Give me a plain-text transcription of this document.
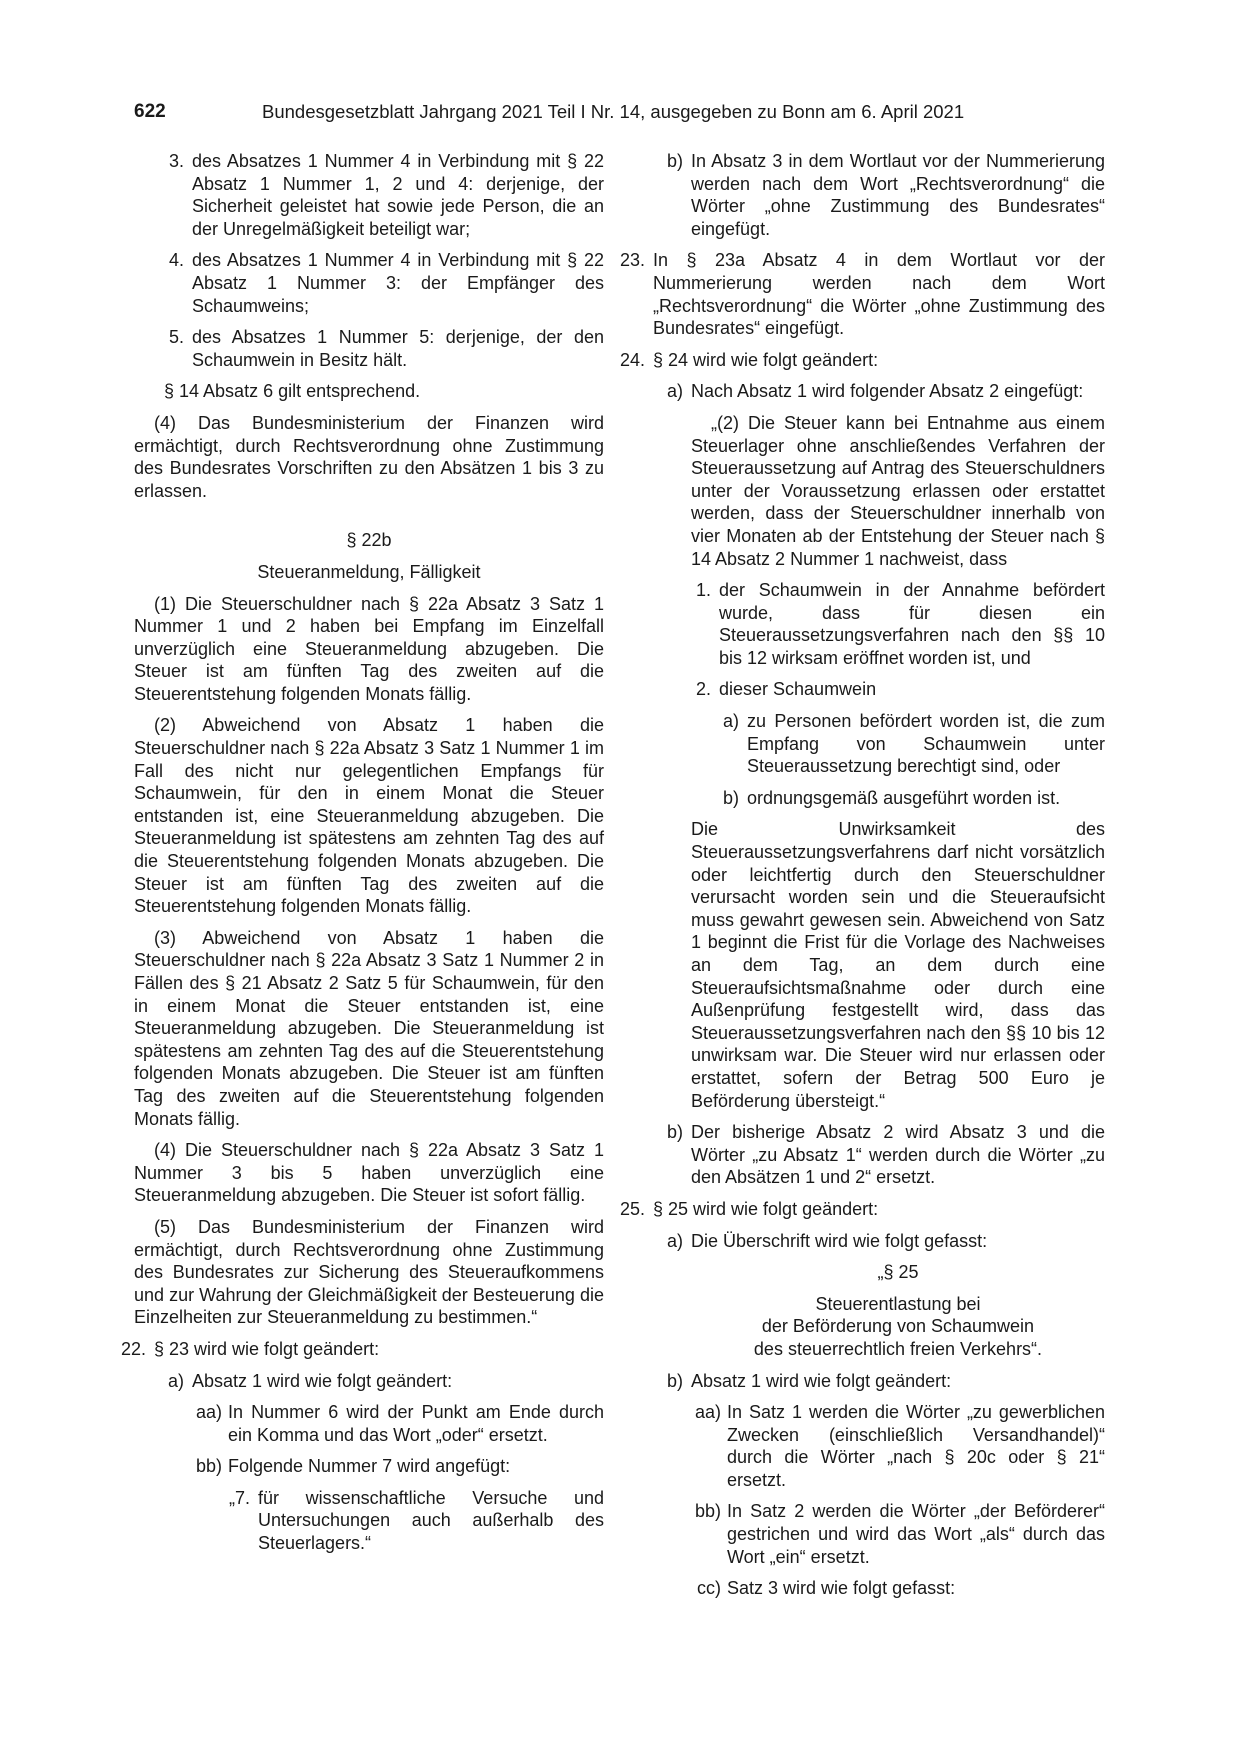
622	Bundesgesetzblatt Jahrgang 2021 Teil I Nr. 14, ausgegeben zu Bonn am 6. April 2021
3. des Absatzes 1 Nummer 4 in Verbindung mit § 22 Absatz 1 Nummer 1, 2 und 4: derjenige, der Sicherheit geleistet hat sowie jede Person, die an der Unregelmäßigkeit beteiligt war;
4. des Absatzes 1 Nummer 4 in Verbindung mit § 22 Absatz 1 Nummer 3: der Empfänger des Schaumweins;
5. des Absatzes 1 Nummer 5: derjenige, der den Schaumwein in Besitz hält.

§ 14 Absatz 6 gilt entsprechend.

(4) Das Bundesministerium der Finanzen wird ermächtigt, durch Rechtsverordnung ohne Zustimmung des Bundesrates Vorschriften zu den Absätzen 1 bis 3 zu erlassen.

§ 22b
Steueranmeldung, Fälligkeit

(1) Die Steuerschuldner nach § 22a Absatz 3 Satz 1 Nummer 1 und 2 haben bei Empfang im Einzelfall unverzüglich eine Steueranmeldung abzugeben. Die Steuer ist am fünften Tag des zweiten auf die Steuerentstehung folgenden Monats fällig.

(2) Abweichend von Absatz 1 haben die Steuerschuldner nach § 22a Absatz 3 Satz 1 Nummer 1 im Fall des nicht nur gelegentlichen Empfangs für Schaumwein, für den in einem Monat die Steuer entstanden ist, eine Steueranmeldung abzugeben. Die Steueranmeldung ist spätestens am zehnten Tag des auf die Steuerentstehung folgenden Monats abzugeben. Die Steuer ist am fünften Tag des zweiten auf die Steuerentstehung folgenden Monats fällig.

(3) Abweichend von Absatz 1 haben die Steuerschuldner nach § 22a Absatz 3 Satz 1 Nummer 2 in Fällen des § 21 Absatz 2 Satz 5 für Schaumwein, für den in einem Monat die Steuer entstanden ist, eine Steueranmeldung abzugeben. Die Steueranmeldung ist spätestens am zehnten Tag des auf die Steuerentstehung folgenden Monats abzugeben. Die Steuer ist am fünften Tag des zweiten auf die Steuerentstehung folgenden Monats fällig.

(4) Die Steuerschuldner nach § 22a Absatz 3 Satz 1 Nummer 3 bis 5 haben unverzüglich eine Steueranmeldung abzugeben. Die Steuer ist sofort fällig.

(5) Das Bundesministerium der Finanzen wird ermächtigt, durch Rechtsverordnung ohne Zustimmung des Bundesrates zur Sicherung des Steueraufkommens und zur Wahrung der Gleichmäßigkeit der Besteuerung die Einzelheiten zur Steueranmeldung zu bestimmen.“

22. § 23 wird wie folgt geändert:
a) Absatz 1 wird wie folgt geändert:
aa) In Nummer 6 wird der Punkt am Ende durch ein Komma und das Wort „oder“ ersetzt.
bb) Folgende Nummer 7 wird angefügt:
„7. für wissenschaftliche Versuche und Untersuchungen auch außerhalb des Steuerlagers.“
b) In Absatz 3 in dem Wortlaut vor der Nummerierung werden nach dem Wort „Rechtsverordnung“ die Wörter „ohne Zustimmung des Bundesrates“ eingefügt.
23. In § 23a Absatz 4 in dem Wortlaut vor der Nummerierung werden nach dem Wort „Rechtsverordnung“ die Wörter „ohne Zustimmung des Bundesrates“ eingefügt.
24. § 24 wird wie folgt geändert:
a) Nach Absatz 1 wird folgender Absatz 2 eingefügt:

„(2) Die Steuer kann bei Entnahme aus einem Steuerlager ohne anschließendes Verfahren der Steueraussetzung auf Antrag des Steuerschuldners unter der Voraussetzung erlassen oder erstattet werden, dass der Steuerschuldner innerhalb von vier Monaten ab der Entstehung der Steuer nach § 14 Absatz 2 Nummer 1 nachweist, dass

1. der Schaumwein in der Annahme befördert wurde, dass für diesen ein Steueraussetzungsverfahren nach den §§ 10 bis 12 wirksam eröffnet worden ist, und
2. dieser Schaumwein
a) zu Personen befördert worden ist, die zum Empfang von Schaumwein unter Steueraussetzung berechtigt sind, oder
b) ordnungsgemäß ausgeführt worden ist.

Die Unwirksamkeit des Steueraussetzungsverfahrens darf nicht vorsätzlich oder leichtfertig durch den Steuerschuldner verursacht worden sein und die Steueraufsicht muss gewahrt gewesen sein. Abweichend von Satz 1 beginnt die Frist für die Vorlage des Nachweises an dem Tag, an dem durch eine Steueraufsichtsmaßnahme oder durch eine Außenprüfung festgestellt wird, dass das Steueraussetzungsverfahren nach den §§ 10 bis 12 unwirksam war. Die Steuer wird nur erlassen oder erstattet, sofern der Betrag 500 Euro je Beförderung übersteigt.“

b) Der bisherige Absatz 2 wird Absatz 3 und die Wörter „zu Absatz 1“ werden durch die Wörter „zu den Absätzen 1 und 2“ ersetzt.
25. § 25 wird wie folgt geändert:
a) Die Überschrift wird wie folgt gefasst:
„§ 25
Steuerentlastung bei
der Beförderung von Schaumwein
des steuerrechtlich freien Verkehrs“.
b) Absatz 1 wird wie folgt geändert:
aa) In Satz 1 werden die Wörter „zu gewerblichen Zwecken (einschließlich Versandhandel)“ durch die Wörter „nach § 20c oder § 21“ ersetzt.
bb) In Satz 2 werden die Wörter „der Beförderer“ gestrichen und wird das Wort „als“ durch das Wort „ein“ ersetzt.
cc) Satz 3 wird wie folgt gefasst:
